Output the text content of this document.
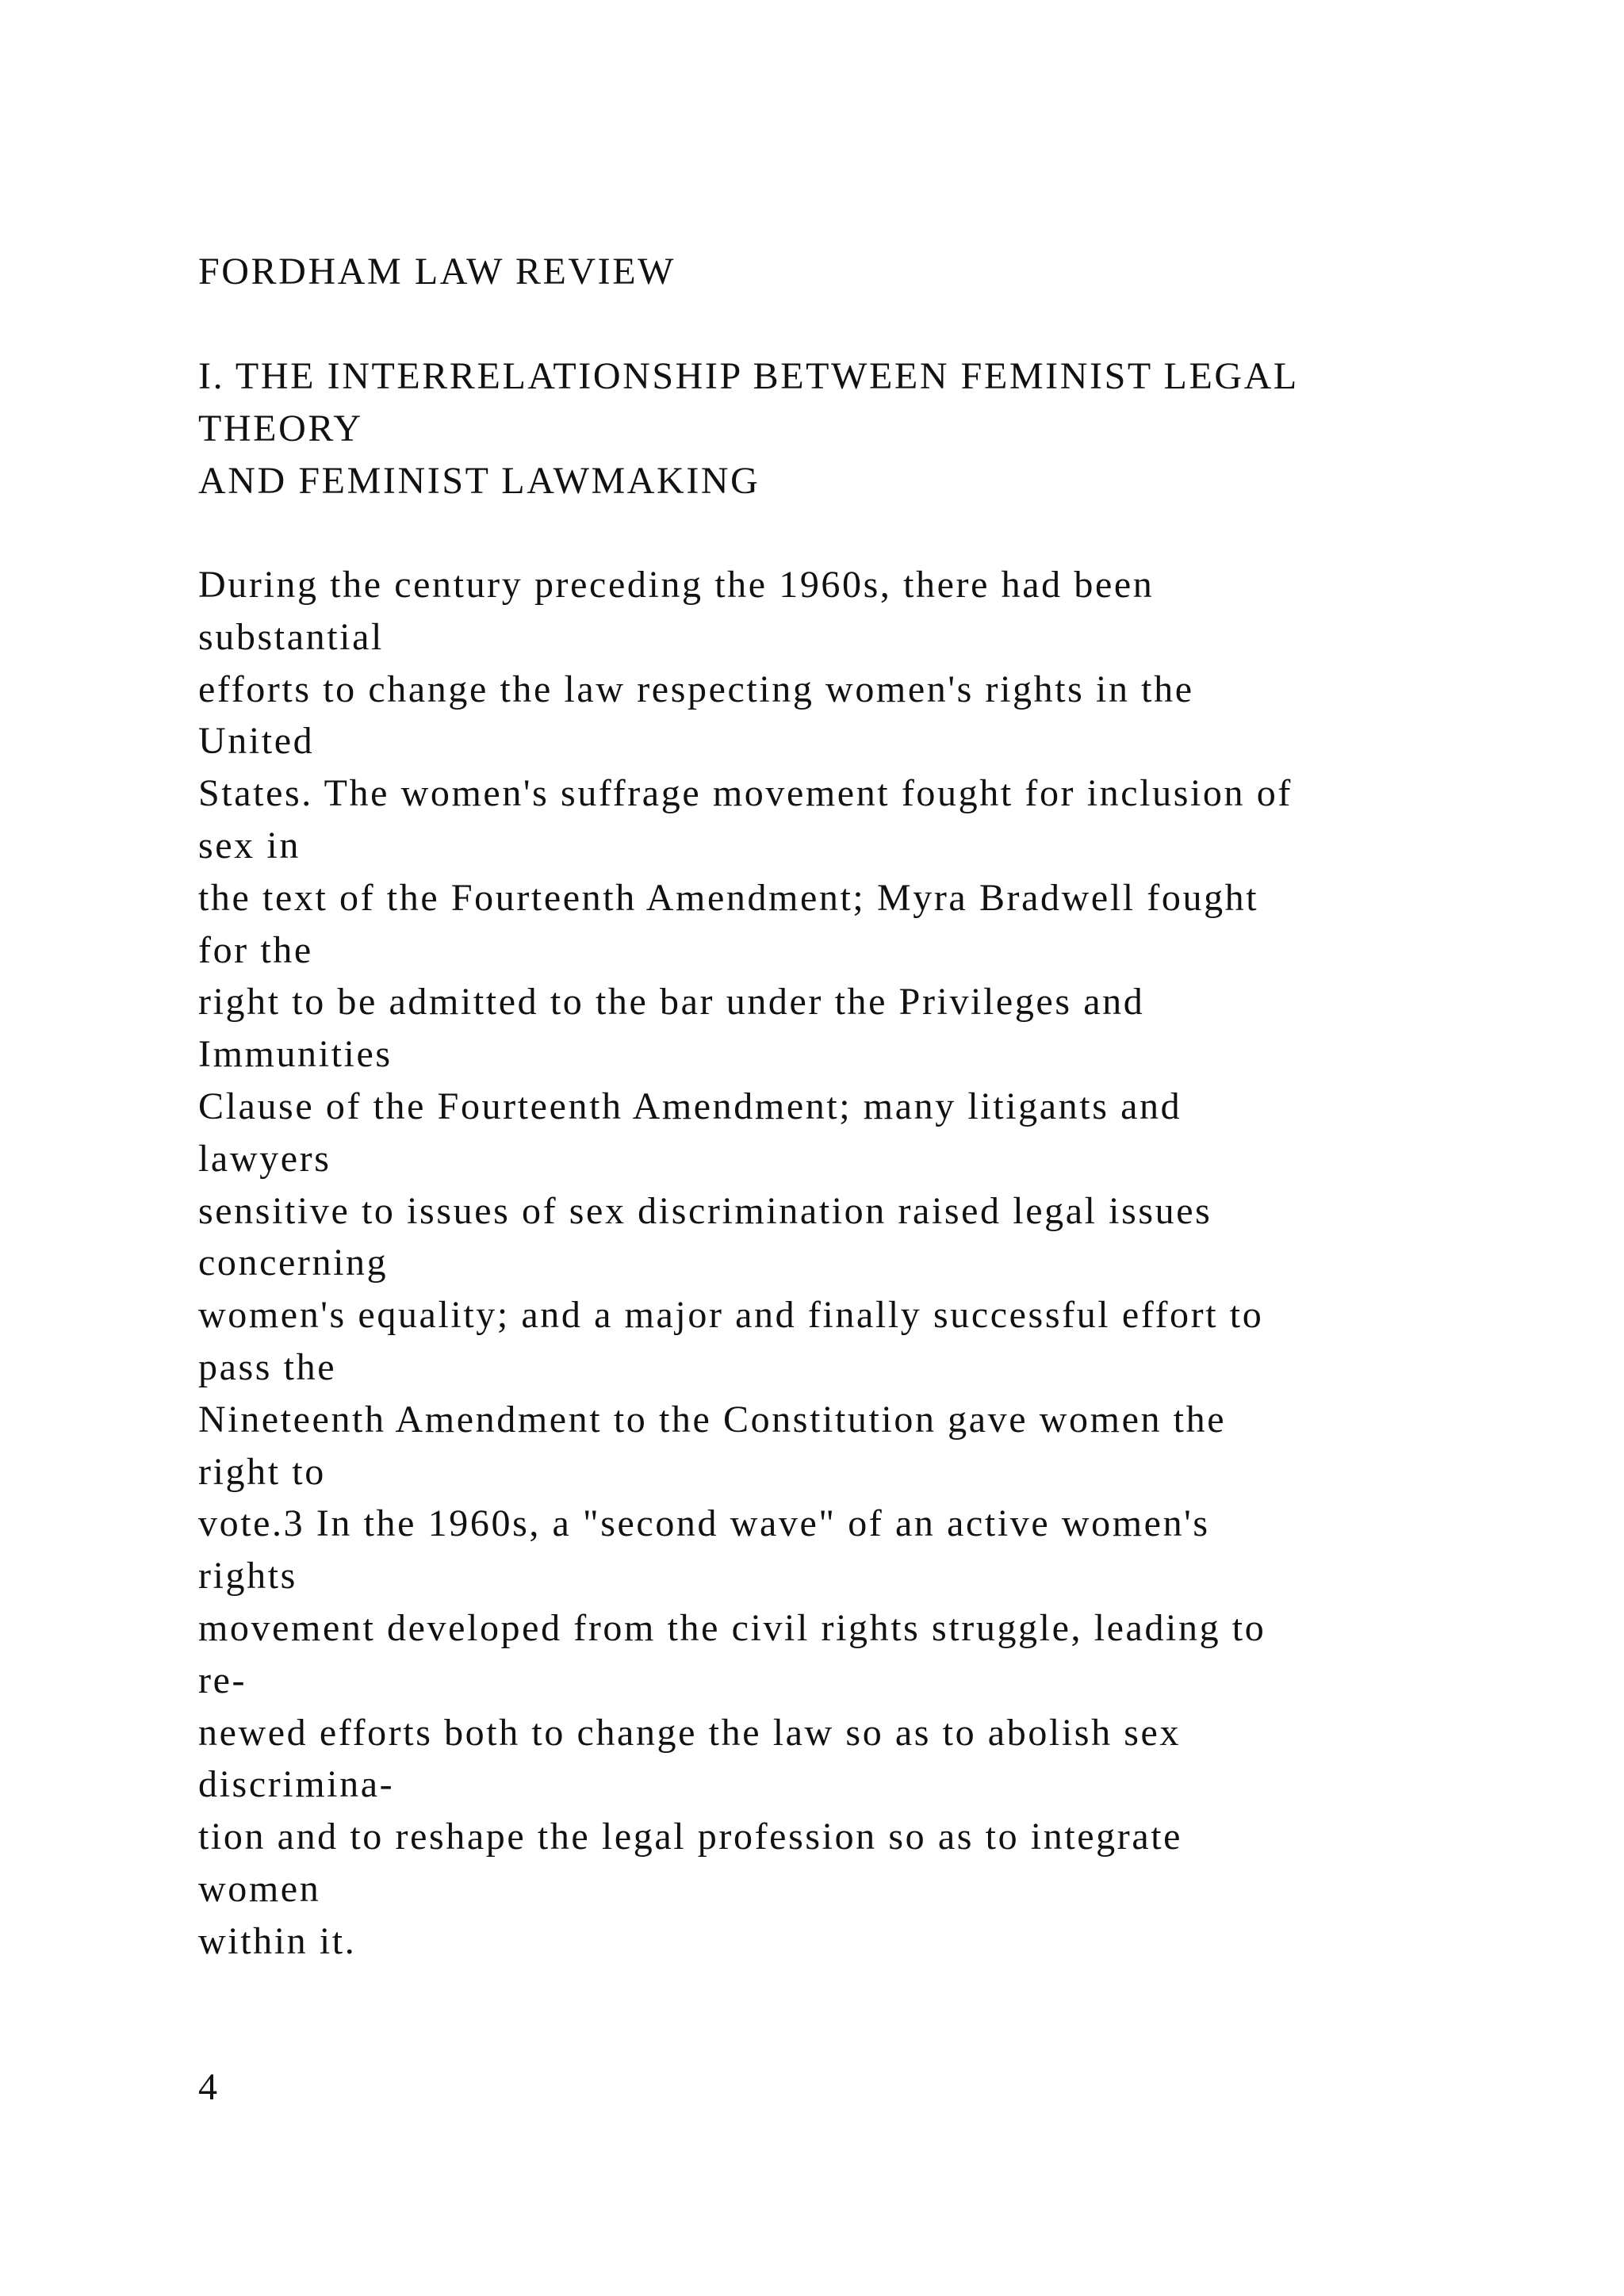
FORDHAM LAW REVIEW
I. THE INTERRELATIONSHIP BETWEEN FEMINIST LEGAL
THEORY
AND FEMINIST LAWMAKING
During the century preceding the 1960s, there had been
substantial
efforts to change the law respecting women's rights in the
United
States. The women's suffrage movement fought for inclusion of
sex in
the text of the Fourteenth Amendment; Myra Bradwell fought
for the
right to be admitted to the bar under the Privileges and
Immunities
Clause of the Fourteenth Amendment; many litigants and
lawyers
sensitive to issues of sex discrimination raised legal issues
concerning
women's equality; and a major and finally successful effort to
pass the
Nineteenth Amendment to the Constitution gave women the
right to
vote.3 In the 1960s, a "second wave" of an active women's
rights
movement developed from the civil rights struggle, leading to
re-
newed efforts both to change the law so as to abolish sex
discrimina-
tion and to reshape the legal profession so as to integrate
women
within it.
4
